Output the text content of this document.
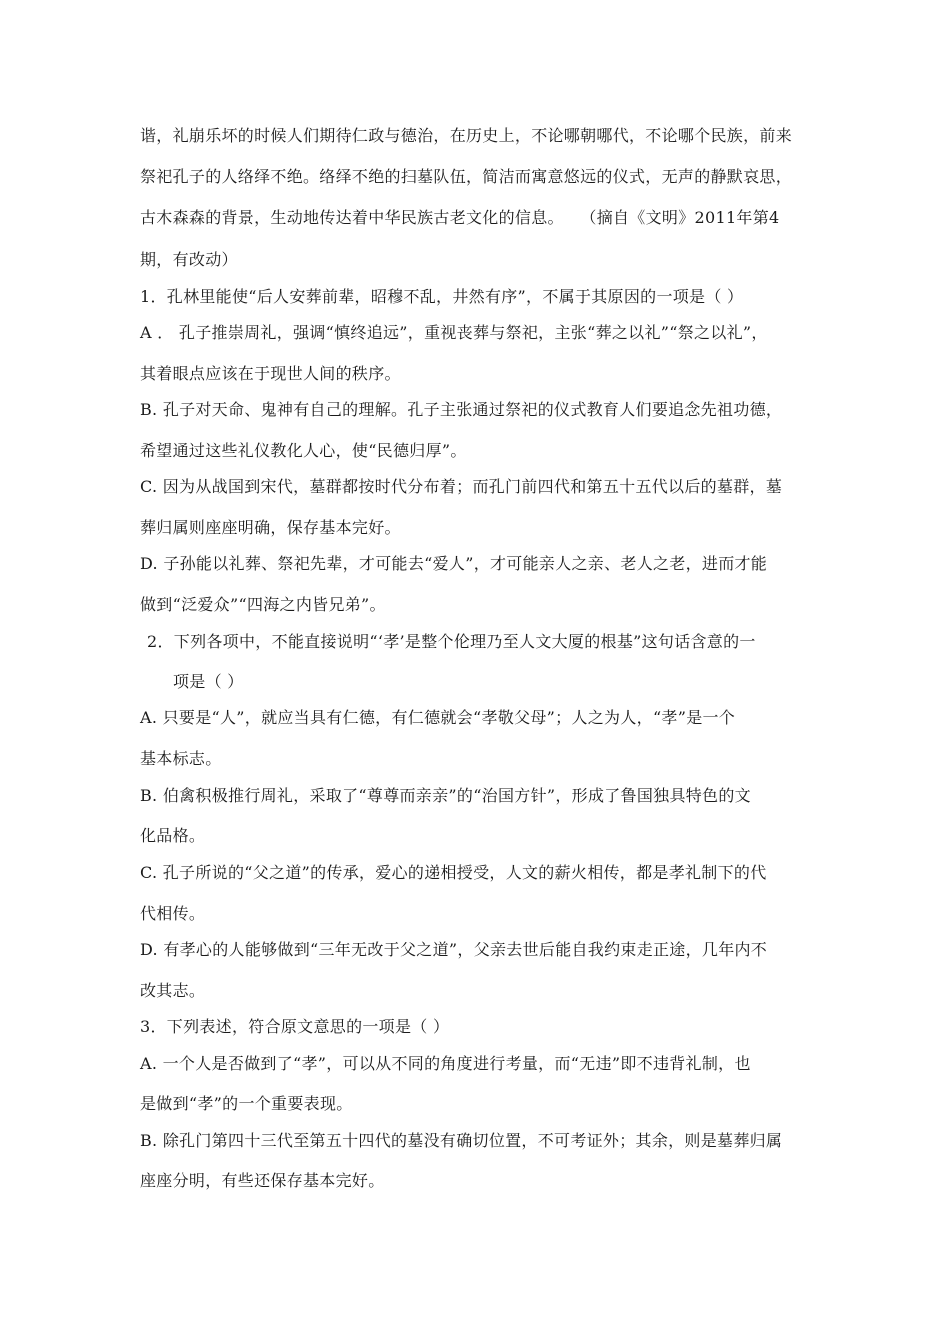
谐，礼崩乐坏的时候人们期待仁政与德治，在历史上，不论哪朝哪代，不论哪个民族，前来
祭祀孔子的人络绎不绝。络绎不绝的扫墓队伍，简洁而寓意悠远的仪式，无声的静默哀思，
古木森森的背景，生动地传达着中华民族古老文化的信息。　　（摘自《文明》2011年第4
期，有改动）
1．孔林里能使“后人安葬前辈，昭穆不乱，井然有序”，不属于其原因的一项是（ ）
A ． 孔子推崇周礼，强调“慎终追远”，重视丧葬与祭祀，主张“葬之以礼”“祭之以礼”，
其着眼点应该在于现世人间的秩序。
B. 孔子对天命、鬼神有自己的理解。孔子主张通过祭祀的仪式教育人们要追念先祖功德，
希望通过这些礼仪教化人心，使“民德归厚”。
C. 因为从战国到宋代，墓群都按时代分布着；而孔门前四代和第五十五代以后的墓群，墓
葬归属则座座明确，保存基本完好。
D. 子孙能以礼葬、祭祀先辈，才可能去“爱人”，才可能亲人之亲、老人之老，进而才能
做到“泛爱众”“四海之内皆兄弟”。
2．下列各项中，不能直接说明“‘孝’是整个伦理乃至人文大厦的根基”这句话含意的一
项是（ ）
A. 只要是“人”，就应当具有仁德，有仁德就会“孝敬父母”；人之为人，“孝”是一个
基本标志。
B. 伯禽积极推行周礼，采取了“尊尊而亲亲”的“治国方针”，形成了鲁国独具特色的文
化品格。
C. 孔子所说的“父之道”的传承，爱心的递相授受，人文的薪火相传，都是孝礼制下的代
代相传。
D. 有孝心的人能够做到“三年无改于父之道”，父亲去世后能自我约束走正途，几年内不
改其志。
3．下列表述，符合原文意思的一项是（ ）
A. 一个人是否做到了“孝”，可以从不同的角度进行考量，而“无违”即不违背礼制，也
是做到“孝”的一个重要表现。
B. 除孔门第四十三代至第五十四代的墓没有确切位置，不可考证外；其余，则是墓葬归属
座座分明，有些还保存基本完好。
